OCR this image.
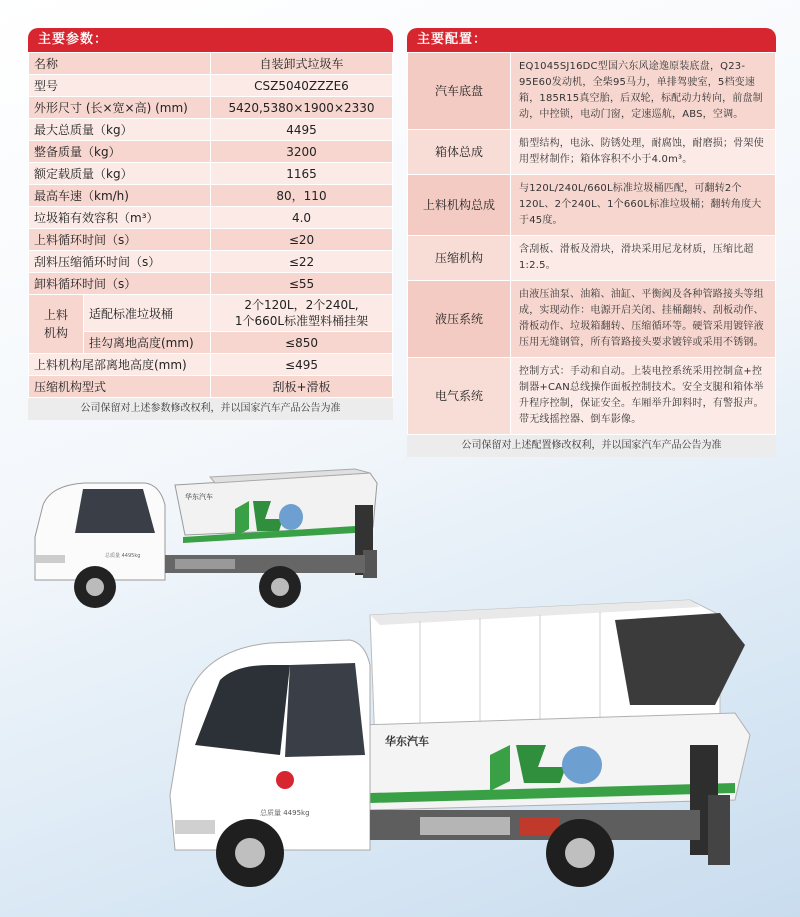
主要参数：
名称		自装卸式垃圾车
型号		CSZ5040ZZZE6
外形尺寸 (长×宽×高) (mm)		5420,5380×1900×2330
最大总质量（kg）		4495
整备质量（kg）		3200
额定载质量（kg）		1165
最高车速（km/h)		80，110
垃圾箱有效容积（m³）		4.0
上料循环时间（s）		≤20
刮料压缩循环时间（s）		≤22
卸料循环时间（s）		≤55
上料
机构	适配标准垃圾桶	2个120L，2个240L,
1个660L标准塑料桶挂架
	挂勾离地高度(mm)	≤850
上料机构尾部离地高度(mm)		≤495
压缩机构型式		刮板+滑板
公司保留对上述参数修改权利，并以国家汽车产品公告为准
主要配置：
汽车底盘	EQ1045SJ16DC型国六东风途逸原装底盘，Q23-95E60发动机，全柴95马力，单排驾驶室，5档变速箱，185R15真空胎，后双轮，标配动力转向，前盘制动，中控锁，电动门窗，定速巡航，ABS，空调。
箱体总成	船型结构，电泳、防锈处理，耐腐蚀，耐磨损；骨架使用型材制作；箱体容积不小于4.0m³。
上料机构总成	与120L/240L/660L标准垃圾桶匹配，可翻转2个120L、2个240L、1个660L标准垃圾桶；翻转角度大于45度。
压缩机构	含刮板、滑板及滑块，滑块采用尼龙材质，压缩比超1:2.5。
液压系统	由液压油泵、油箱、油缸、平衡阀及各种管路接头等组成，实现动作：电源开启关闭、挂桶翻转、刮板动作、滑板动作、垃圾箱翻转、压缩循环等。硬管采用镀锌液压用无缝钢管，所有管路接头要求镀锌或采用不锈钢。
电气系统	控制方式：手动和自动。上装电控系统采用控制盒+控制器+CAN总线操作面板控制技术。安全支腿和箱体举升程序控制，保证安全。车厢举升卸料时，有警报声。带无线摇控器、倒车影像。
公司保留对上述配置修改权利，并以国家汽车产品公告为准
华东汽车
总质量 4495kg
华东汽车
总质量 4495kg
